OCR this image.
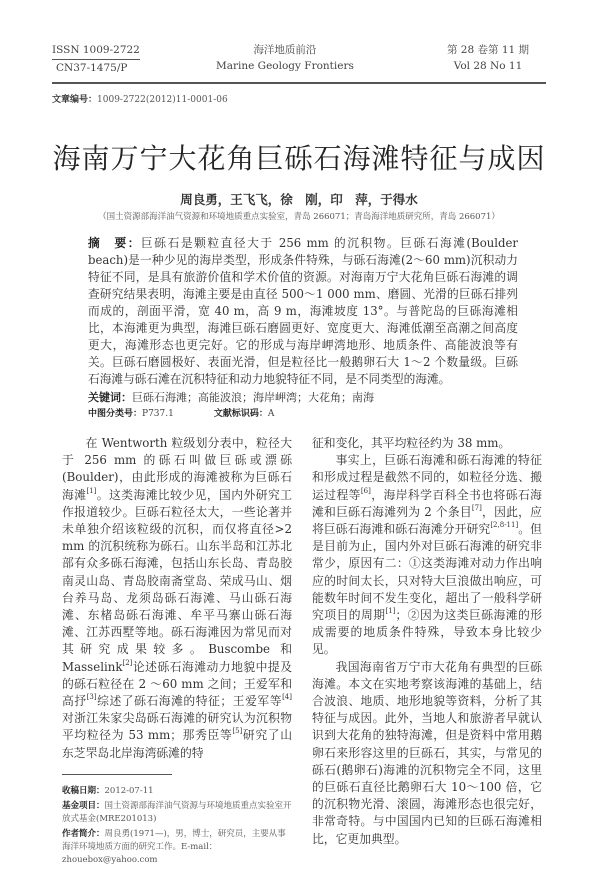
ISSN 1009-2722
CN37-1475/P
海洋地质前沿
Marine Geology Frontiers
第 28 卷第 11 期
Vol 28 No 11
文章编号：1009-2722(2012)11-0001-06
海南万宁大花角巨砾石海滩特征与成因
周良勇，王飞飞，徐　刚，印　萍，于得水
（国土资源部海洋油气资源和环境地质重点实验室，青岛 266071；青岛海洋地质研究所，青岛 266071）
摘　要：巨砾石是颗粒直径大于 256 mm 的沉积物。巨砾石海滩(Boulder beach)是一种少见的海岸类型，形成条件特殊，与砾石海滩(2～60 mm)沉积动力特征不同，是具有旅游价值和学术价值的资源。对海南万宁大花角巨砾石海滩的调查研究结果表明，海滩主要是由直径 500～1 000 mm、磨圆、光滑的巨砾石排列而成的，剖面平滑，宽 40 m，高 9 m，海滩坡度 13°。与普陀岛的巨砾海滩相比，本海滩更为典型，海滩巨砾石磨圆更好、宽度更大、海滩低潮至高潮之间高度更大，海滩形态也更完好。它的形成与海岸岬湾地形、地质条件、高能波浪等有关。巨砾石磨圆极好、表面光滑，但是粒径比一般鹅卵石大 1～2 个数量级。巨砾石海滩与砾石滩在沉积特征和动力地貌特征不同，是不同类型的海滩。
关键词：巨砾石海滩；高能波浪；海岸岬湾；大花角；南海
中图分类号：P737.1	文献标识码：A

在 Wentworth 粒级划分表中，粒径大于 256 mm 的砾石叫做巨砾或漂砾(Boulder)，由此形成的海滩被称为巨砾石海滩[1]。这类海滩比较少见，国内外研究工作报道较少。巨砾石粒径太大，一些论著并未单独介绍该粒级的沉积，而仅将直径>2 mm 的沉积统称为砾石。山东半岛和江苏北部有众多砾石海滩，包括山东长岛、青岛胶南灵山岛、青岛胶南斋堂岛、荣成马山、烟台养马岛、龙须岛砾石海滩、马山砾石海滩、东楮岛砾石海滩、牟平马寨山砾石海滩、江苏西墅等地。砾石海滩因为常见而对其研究成果较多。Buscombe 和 Masselink[2]论述砾石海滩动力地貌中提及的砾石粒径在 2 ～60 mm 之间；王爱军和高抒[3]综述了砾石海滩的特征；王爱军等[4]对浙江朱家尖岛砾石海滩的研究认为沉积物平均粒径为 53 mm；那秀臣等[5]研究了山东芝罘岛北岸海湾砾滩的特

收稿日期：2012-07-11
基金项目：国土资源部海洋油气资源与环境地质重点实验室开放式基金(MRE201013)
作者简介：周良勇(1971—)，男，博士，研究员，主要从事海洋环境地质方面的研究工作。E-mail：zhouebox@yahoo.com

征和变化，其平均粒径约为 38 mm。

事实上，巨砾石海滩和砾石海滩的特征和形成过程是截然不同的，如粒径分选、搬运过程等[6]，海岸科学百科全书也将砾石海滩和巨砾石海滩列为 2 个条目[7]，因此，应将巨砾石海滩和砾石海滩分开研究[2,8-11]。但是目前为止，国内外对巨砾石海滩的研究非常少，原因有二：①这类海滩对动力作出响应的时间太长，只对特大巨浪做出响应，可能数年时间不发生变化，超出了一般科学研究项目的周期[1]；②因为这类巨砾海滩的形成需要的地质条件特殊，导致本身比较少见。

我国海南省万宁市大花角有典型的巨砾海滩。本文在实地考察该海滩的基础上，结合波浪、地质、地形地貌等资料，分析了其特征与成因。此外，当地人和旅游者早就认识到大花角的独特海滩，但是资料中常用鹅卵石来形容这里的巨砾石，其实，与常见的砾石(鹅卵石)海滩的沉积物完全不同，这里的巨砾石直径比鹅卵石大 10～100 倍，它的沉积物光滑、滚圆，海滩形态也很完好，非常奇特。与中国国内已知的巨砾石海滩相比，它更加典型。
